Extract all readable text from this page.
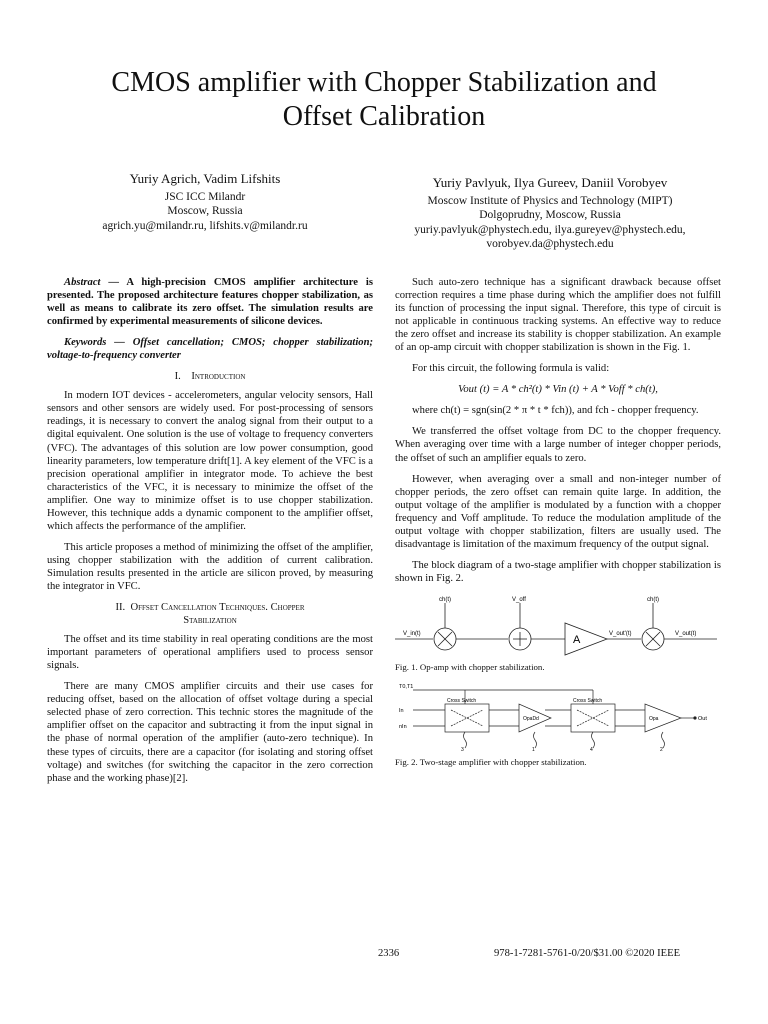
CMOS amplifier with Chopper Stabilization and
Offset Calibration
Yuriy Agrich, Vadim Lifshits
JSC ICC Milandr
Moscow, Russia
agrich.yu@milandr.ru, lifshits.v@milandr.ru
Yuriy Pavlyuk, Ilya Gureev, Daniil Vorobyev
Moscow Institute of Physics and Technology (MIPT)
Dolgoprudny, Moscow, Russia
yuriy.pavlyuk@phystech.edu, ilya.gureyev@phystech.edu,
vorobyev.da@phystech.edu

Abstract — A high-precision CMOS amplifier architecture is presented. The proposed architecture features chopper stabilization, as well as means to calibrate its zero offset. The simulation results are confirmed by experimental measurements of silicone devices.

Keywords — Offset cancellation; CMOS; chopper stabilization; voltage-to-frequency converter

I. Introduction

In modern IOT devices - accelerometers, angular velocity sensors, Hall sensors and other sensors are widely used. For post-processing of sensors readings, it is necessary to convert the analog signal from their output to a digital equivalent. One solution is the use of voltage to frequency converters (VFC). The advantages of this solution are low power consumption, good linearity parameters, low temperature drift[1]. A key element of the VFC is a precision operational amplifier in integrator mode. To achieve the best characteristics of the VFC, it is necessary to minimize the offset of the amplifier. One way to minimize offset is to use chopper stabilization. However, this technique adds a dynamic component to the amplifier offset, which affects the performance of the amplifier.

This article proposes a method of minimizing the offset of the amplifier, using chopper stabilization with the addition of current calibration. Simulation results presented in the article are silicon proved, by measuring the integrator in VFC.

II. Offset Cancellation Techniques. Chopper
Stabilization

The offset and its time stability in real operating conditions are the most important parameters of operational amplifiers used to process sensor signals.

There are many CMOS amplifier circuits and their use cases for reducing offset, based on the allocation of offset voltage during a special selected phase of zero correction. This technic stores the magnitude of the amplifier offset on the capacitor and subtracting it from the input signal in the phase of normal operation of the amplifier (auto-zero technique). In these types of circuits, there are a capacitor (for isolating and storing offset voltage) and switches (for switching the capacitor in the zero correction phase and the working phase)[2].

Such auto-zero technique has a significant drawback because offset correction requires a time phase during which the amplifier does not fulfill its function of processing the input signal. Therefore, this type of circuit is not applicable in continuous tracking systems. An effective way to reduce the zero offset and increase its stability is chopper stabilization. An example of an op-amp circuit with chopper stabilization is shown in the Fig. 1.

For this circuit, the following formula is valid:

Vout (t) = A * ch²(t) * Vin (t) + A * Voff * ch(t),

where ch(t) = sgn(sin(2 * π * t * fch)), and fch - chopper frequency.

We transferred the offset voltage from DC to the chopper frequency. When averaging over time with a large number of integer chopper periods, the offset of such an amplifier equals to zero.

However, when averaging over a small and non-integer number of chopper periods, the zero offset can remain quite large. In addition, the output voltage of the amplifier is modulated by a function with a chopper frequency and Voff amplitude. To reduce the modulation amplitude of the output voltage with chopper stabilization, filters are usually used. The disadvantage is limitation of the maximum frequency of the output signal.

The block diagram of a two-stage amplifier with chopper stabilization is shown in Fig. 2.

ch(t)	V_off	ch(t)
V_in(t)	A	V_out'(t)	V_out(t)

Fig. 1. Op-amp with chopper stabilization.

T0,T1
In
nIn
Cross Switch
OpaDd
Cross Switch
Opa	Out
3	1	4	2

Fig. 2. Two-stage amplifier with chopper stabilization.

2336	978-1-7281-5761-0/20/$31.00 ©2020 IEEE
